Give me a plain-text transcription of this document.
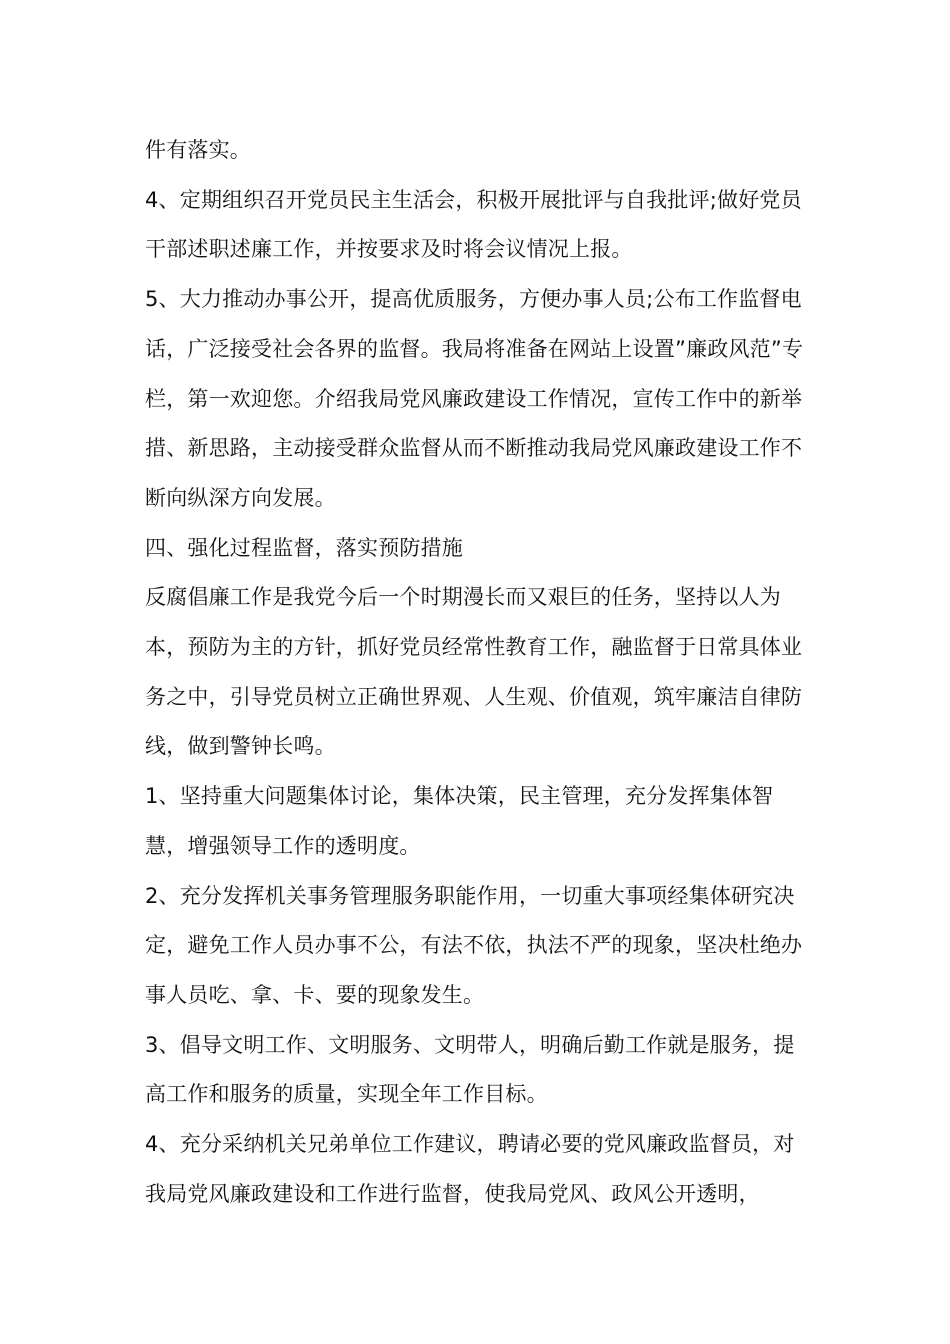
件有落实。

4、定期组织召开党员民主生活会，积极开展批评与自我批评;做好党员干部述职述廉工作，并按要求及时将会议情况上报。

5、大力推动办事公开，提高优质服务，方便办事人员;公布工作监督电话，广泛接受社会各界的监督。我局将准备在网站上设置”廉政风范”专栏，第一欢迎您。介绍我局党风廉政建设工作情况，宣传工作中的新举措、新思路，主动接受群众监督从而不断推动我局党风廉政建设工作不断向纵深方向发展。

四、强化过程监督，落实预防措施

反腐倡廉工作是我党今后一个时期漫长而又艰巨的任务，坚持以人为本，预防为主的方针，抓好党员经常性教育工作，融监督于日常具体业务之中，引导党员树立正确世界观、人生观、价值观，筑牢廉洁自律防线，做到警钟长鸣。

1、坚持重大问题集体讨论，集体决策，民主管理，充分发挥集体智慧，增强领导工作的透明度。

2、充分发挥机关事务管理服务职能作用，一切重大事项经集体研究决定，避免工作人员办事不公，有法不依，执法不严的现象，坚决杜绝办事人员吃、拿、卡、要的现象发生。

3、倡导文明工作、文明服务、文明带人，明确后勤工作就是服务，提高工作和服务的质量，实现全年工作目标。

4、充分采纳机关兄弟单位工作建议，聘请必要的党风廉政监督员，对我局党风廉政建设和工作进行监督，使我局党风、政风公开透明，
